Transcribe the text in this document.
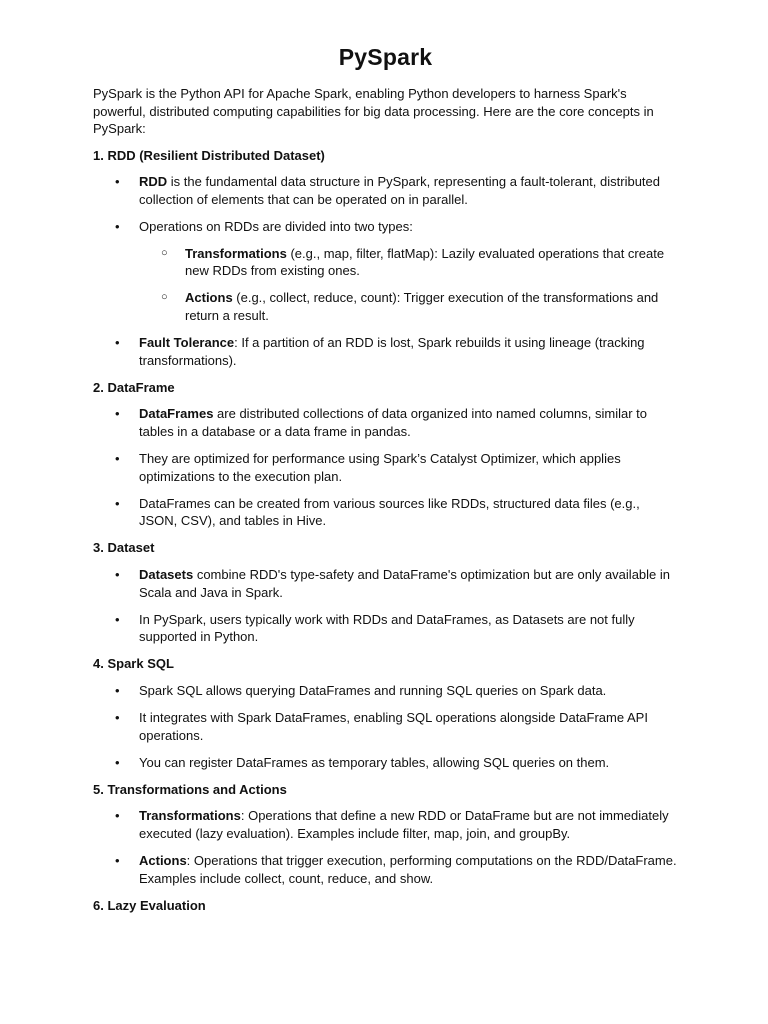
PySpark

PySpark is the Python API for Apache Spark, enabling Python developers to harness Spark's powerful, distributed computing capabilities for big data processing. Here are the core concepts in PySpark:

1. RDD (Resilient Distributed Dataset)
• RDD is the fundamental data structure in PySpark, representing a fault-tolerant, distributed collection of elements that can be operated on in parallel.
• Operations on RDDs are divided into two types:
○ Transformations (e.g., map, filter, flatMap): Lazily evaluated operations that create new RDDs from existing ones.
○ Actions (e.g., collect, reduce, count): Trigger execution of the transformations and return a result.
• Fault Tolerance: If a partition of an RDD is lost, Spark rebuilds it using lineage (tracking transformations).
2. DataFrame
• DataFrames are distributed collections of data organized into named columns, similar to tables in a database or a data frame in pandas.
• They are optimized for performance using Spark’s Catalyst Optimizer, which applies optimizations to the execution plan.
• DataFrames can be created from various sources like RDDs, structured data files (e.g., JSON, CSV), and tables in Hive.
3. Dataset
• Datasets combine RDD's type-safety and DataFrame's optimization but are only available in Scala and Java in Spark.
• In PySpark, users typically work with RDDs and DataFrames, as Datasets are not fully supported in Python.
4. Spark SQL
• Spark SQL allows querying DataFrames and running SQL queries on Spark data.
• It integrates with Spark DataFrames, enabling SQL operations alongside DataFrame API operations.
• You can register DataFrames as temporary tables, allowing SQL queries on them.
5. Transformations and Actions
• Transformations: Operations that define a new RDD or DataFrame but are not immediately executed (lazy evaluation). Examples include filter, map, join, and groupBy.
• Actions: Operations that trigger execution, performing computations on the RDD/DataFrame. Examples include collect, count, reduce, and show.
6. Lazy Evaluation
